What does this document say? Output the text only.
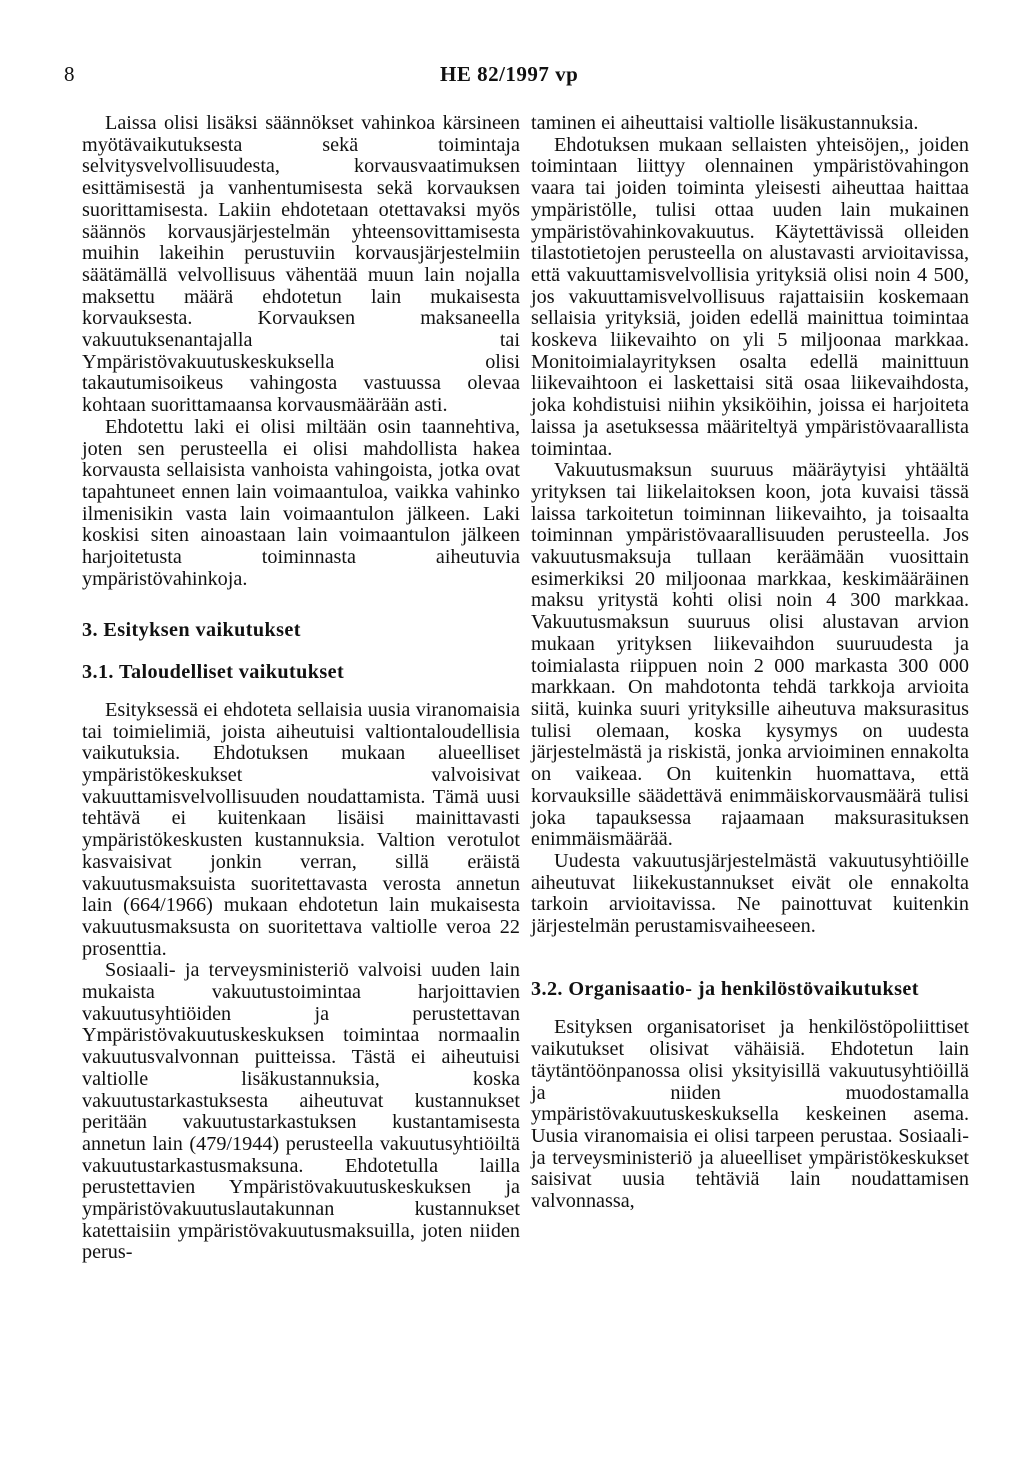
8	HE 82/1997 vp

Laissa olisi lisäksi säännökset vahinkoa kärsineen myötävaikutuksesta sekä toimintaja selvitysvelvollisuudesta, korvausvaatimuksen esittämisestä ja vanhentumisesta sekä korvauksen suorittamisesta. Lakiin ehdotetaan otettavaksi myös säännös korvausjärjestelmän yhteensovittamisesta muihin lakeihin perustuviin korvausjärjestelmiin säätämällä velvollisuus vähentää muun lain nojalla maksettu määrä ehdotetun lain mukaisesta korvauksesta. Korvauksen maksaneella vakuutuksenantajalla tai Ympäristövakuutuskeskuksella olisi takautumisoikeus vahingosta vastuussa olevaa kohtaan suorittamaansa korvausmäärään asti.

Ehdotettu laki ei olisi miltään osin taannehtiva, joten sen perusteella ei olisi mahdollista hakea korvausta sellaisista vanhoista vahingoista, jotka ovat tapahtuneet ennen lain voimaantuloa, vaikka vahinko ilmenisikin vasta lain voimaantulon jälkeen. Laki koskisi siten ainoastaan lain voimaantulon jälkeen harjoitetusta toiminnasta aiheutuvia ympäristövahinkoja.

3. Esityksen vaikutukset
3.1. Taloudelliset vaikutukset

Esityksessä ei ehdoteta sellaisia uusia viranomaisia tai toimielimiä, joista aiheutuisi valtiontaloudellisia vaikutuksia. Ehdotuksen mukaan alueelliset ympäristökeskukset valvoisivat vakuuttamisvelvollisuuden noudattamista. Tämä uusi tehtävä ei kuitenkaan lisäisi mainittavasti ympäristökeskusten kustannuksia. Valtion verotulot kasvaisivat jonkin verran, sillä eräistä vakuutusmaksuista suoritettavasta verosta annetun lain (664/1966) mukaan ehdotetun lain mukaisesta vakuutusmaksusta on suoritettava valtiolle veroa 22 prosenttia.

Sosiaali- ja terveysministeriö valvoisi uuden lain mukaista vakuutustoimintaa harjoittavien vakuutusyhtiöiden ja perustettavan Ympäristövakuutuskeskuksen toimintaa normaalin vakuutusvalvonnan puitteissa. Tästä ei aiheutuisi valtiolle lisäkustannuksia, koska vakuutustarkastuksesta aiheutuvat kustannukset peritään vakuutustarkastuksen kustantamisesta annetun lain (479/1944) perusteella vakuutusyhtiöiltä vakuutustarkastusmaksuna. Ehdotetulla lailla perustettavien Ympäristövakuutuskeskuksen ja ympäristövakuutuslautakunnan kustannukset katettaisiin ympäristövakuutusmaksuilla, joten niiden perus-

taminen ei aiheuttaisi valtiolle lisäkustannuksia.

Ehdotuksen mukaan sellaisten yhteisöjen,, joiden toimintaan liittyy olennainen ympäristövahingon vaara tai joiden toiminta yleisesti aiheuttaa haittaa ympäristölle, tulisi ottaa uuden lain mukainen ympäristövahinkovakuutus. Käytettävissä olleiden tilastotietojen perusteella on alustavasti arvioitavissa, että vakuuttamisvelvollisia yrityksiä olisi noin 4 500, jos vakuuttamisvelvollisuus rajattaisiin koskemaan sellaisia yrityksiä, joiden edellä mainittua toimintaa koskeva liikevaihto on yli 5 miljoonaa markkaa. Monitoimialayrityksen osalta edellä mainittuun liikevaihtoon ei laskettaisi sitä osaa liikevaihdosta, joka kohdistuisi niihin yksiköihin, joissa ei harjoiteta laissa ja asetuksessa määriteltyä ympäristövaarallista toimintaa.

Vakuutusmaksun suuruus määräytyisi yhtäältä yrityksen tai liikelaitoksen koon, jota kuvaisi tässä laissa tarkoitetun toiminnan liikevaihto, ja toisaalta toiminnan ympäristövaarallisuuden perusteella. Jos vakuutusmaksuja tullaan keräämään vuosittain esimerkiksi 20 miljoonaa markkaa, keskimääräinen maksu yritystä kohti olisi noin 4 300 markkaa. Vakuutusmaksun suuruus olisi alustavan arvion mukaan yrityksen liikevaihdon suuruudesta ja toimialasta riippuen noin 2 000 markasta 300 000 markkaan. On mahdotonta tehdä tarkkoja arvioita siitä, kuinka suuri yrityksille aiheutuva maksurasitus tulisi olemaan, koska kysymys on uudesta järjestelmästä ja riskistä, jonka arvioiminen ennakolta on vaikeaa. On kuitenkin huomattava, että korvauksille säädettävä enimmäiskorvausmäärä tulisi joka tapauksessa rajaamaan maksurasituksen enimmäismäärää.

Uudesta vakuutusjärjestelmästä vakuutusyhtiöille aiheutuvat liikekustannukset eivät ole ennakolta tarkoin arvioitavissa. Ne painottuvat kuitenkin järjestelmän perustamisvaiheeseen.

3.2. Organisaatio- ja henkilöstövaikutukset

Esityksen organisatoriset ja henkilöstöpoliittiset vaikutukset olisivat vähäisiä. Ehdotetun lain täytäntöönpanossa olisi yksityisillä vakuutusyhtiöillä ja niiden muodostamalla ympäristövakuutuskeskuksella keskeinen asema. Uusia viranomaisia ei olisi tarpeen perustaa. Sosiaali- ja terveysministeriö ja alueelliset ympäristökeskukset saisivat uusia tehtäviä lain noudattamisen valvonnassa,
